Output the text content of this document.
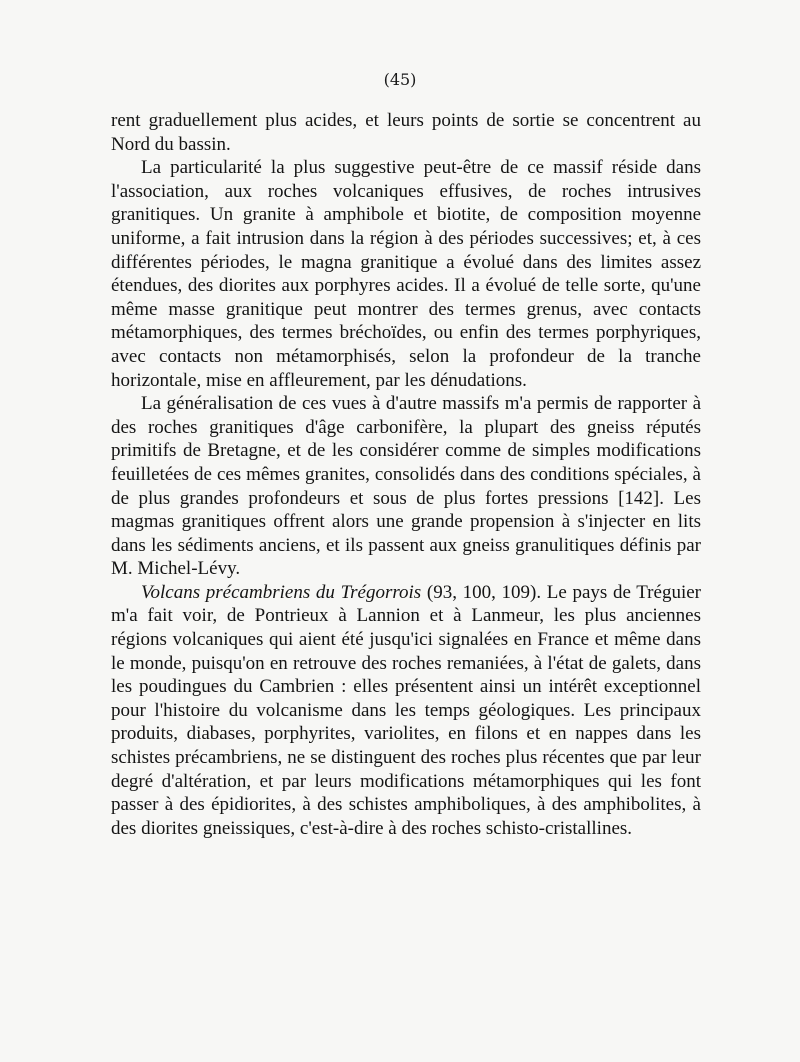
(45)

rent graduellement plus acides, et leurs points de sortie se concentrent au Nord du bassin.

La particularité la plus suggestive peut-être de ce massif réside dans l'association, aux roches volcaniques effusives, de roches intrusives granitiques. Un granite à amphibole et biotite, de composition moyenne uniforme, a fait intrusion dans la région à des périodes successives; et, à ces différentes périodes, le magna granitique a évolué dans des limites assez étendues, des diorites aux porphyres acides. Il a évolué de telle sorte, qu'une même masse granitique peut montrer des termes grenus, avec contacts métamorphiques, des termes bréchoïdes, ou enfin des termes porphyriques, avec contacts non métamorphisés, selon la profondeur de la tranche horizontale, mise en affleurement, par les dénudations.

La généralisation de ces vues à d'autre massifs m'a permis de rapporter à des roches granitiques d'âge carbonifère, la plupart des gneiss réputés primitifs de Bretagne, et de les considérer comme de simples modifications feuilletées de ces mêmes granites, consolidés dans des conditions spéciales, à de plus grandes profondeurs et sous de plus fortes pressions [142]. Les magmas granitiques offrent alors une grande propension à s'injecter en lits dans les sédiments anciens, et ils passent aux gneiss granulitiques définis par M. Michel-Lévy.

Volcans précambriens du Trégorrois (93, 100, 109). Le pays de Tréguier m'a fait voir, de Pontrieux à Lannion et à Lanmeur, les plus anciennes régions volcaniques qui aient été jusqu'ici signalées en France et même dans le monde, puisqu'on en retrouve des roches remaniées, à l'état de galets, dans les poudingues du Cambrien : elles présentent ainsi un intérêt exceptionnel pour l'histoire du volcanisme dans les temps géologiques. Les principaux produits, diabases, porphyrites, variolites, en filons et en nappes dans les schistes précambriens, ne se distinguent des roches plus récentes que par leur degré d'altération, et par leurs modifications métamorphiques qui les font passer à des épidiorites, à des schistes amphiboliques, à des amphibolites, à des diorites gneissiques, c'est-à-dire à des roches schisto-cristallines.
